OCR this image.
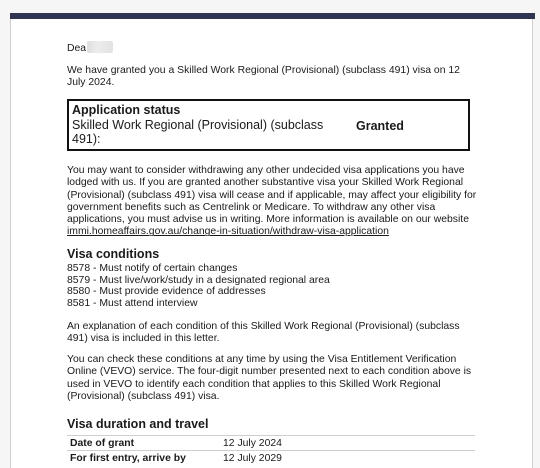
Dea

We have granted you a Skilled Work Regional (Provisional) (subclass 491) visa on 12 July 2024.

Application status
Skilled Work Regional (Provisional) (subclass 491):
Granted

You may want to consider withdrawing any other undecided visa applications you have lodged with us. If you are granted another substantive visa your Skilled Work Regional (Provisional) (subclass 491) visa will cease and if applicable, may affect your eligibility for government benefits such as Centrelink or Medicare. To withdraw any other visa applications, you must advise us in writing. More information is available on our website
immi.homeaffairs.gov.au/change-in-situation/withdraw-visa-application

Visa conditions
8578 - Must notify of certain changes
8579 - Must live/work/study in a designated regional area
8580 - Must provide evidence of addresses
8581 - Must attend interview

An explanation of each condition of this Skilled Work Regional (Provisional) (subclass 491) visa is included in this letter.

You can check these conditions at any time by using the Visa Entitlement Verification Online (VEVO) service. The four-digit number presented next to each condition above is used in VEVO to identify each condition that applies to this Skilled Work Regional (Provisional) (subclass 491) visa.

Visa duration and travel
Date of grant	12 July 2024
For first entry, arrive by	12 July 2029
